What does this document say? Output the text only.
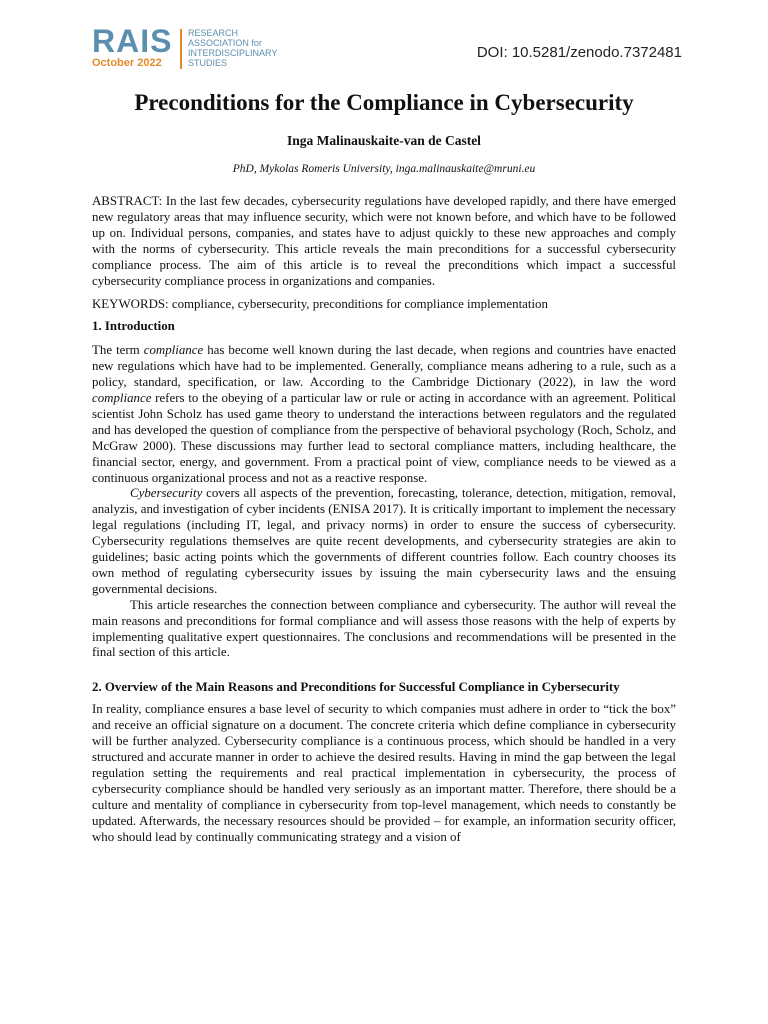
RAIS
October 2022
RESEARCH
ASSOCIATION for
INTERDISCIPLINARY
STUDIES
DOI: 10.5281/zenodo.7372481
Preconditions for the Compliance in Cybersecurity
Inga Malinauskaite-van de Castel
PhD, Mykolas Romeris University, inga.malinauskaite@mruni.eu

ABSTRACT: In the last few decades, cybersecurity regulations have developed rapidly, and there have emerged new regulatory areas that may influence security, which were not known before, and which have to be followed up on. Individual persons, companies, and states have to adjust quickly to these new approaches and comply with the norms of cybersecurity. This article reveals the main preconditions for a successful cybersecurity compliance process. The aim of this article is to reveal the preconditions which impact a successful cybersecurity compliance process in organizations and companies.

KEYWORDS: compliance, cybersecurity, preconditions for compliance implementation

1. Introduction

The term compliance has become well known during the last decade, when regions and countries have enacted new regulations which have had to be implemented. Generally, compliance means adhering to a rule, such as a policy, standard, specification, or law. According to the Cambridge Dictionary (2022), in law the word compliance refers to the obeying of a particular law or rule or acting in accordance with an agreement. Political scientist John Scholz has used game theory to understand the interactions between regulators and the regulated and has developed the question of compliance from the perspective of behavioral psychology (Roch, Scholz, and McGraw 2000). These discussions may further lead to sectoral compliance matters, including healthcare, the financial sector, energy, and government. From a practical point of view, compliance needs to be viewed as a continuous organizational process and not as a reactive response.

Cybersecurity covers all aspects of the prevention, forecasting, tolerance, detection, mitigation, removal, analyzis, and investigation of cyber incidents (ENISA 2017). It is critically important to implement the necessary legal regulations (including IT, legal, and privacy norms) in order to ensure the success of cybersecurity. Cybersecurity regulations themselves are quite recent developments, and cybersecurity strategies are akin to guidelines; basic acting points which the governments of different countries follow. Each country chooses its own method of regulating cybersecurity issues by issuing the main cybersecurity laws and the ensuing governmental decisions.

This article researches the connection between compliance and cybersecurity. The author will reveal the main reasons and preconditions for formal compliance and will assess those reasons with the help of experts by implementing qualitative expert questionnaires. The conclusions and recommendations will be presented in the final section of this article.

2. Overview of the Main Reasons and Preconditions for Successful Compliance in Cybersecurity

In reality, compliance ensures a base level of security to which companies must adhere in order to “tick the box” and receive an official signature on a document. The concrete criteria which define compliance in cybersecurity will be further analyzed. Cybersecurity compliance is a continuous process, which should be handled in a very structured and accurate manner in order to achieve the desired results. Having in mind the gap between the legal regulation setting the requirements and real practical implementation in cybersecurity, the process of cybersecurity compliance should be handled very seriously as an important matter. Therefore, there should be a culture and mentality of compliance in cybersecurity from top-level management, which needs to constantly be updated. Afterwards, the necessary resources should be provided – for example, an information security officer, who should lead by continually communicating strategy and a vision of
